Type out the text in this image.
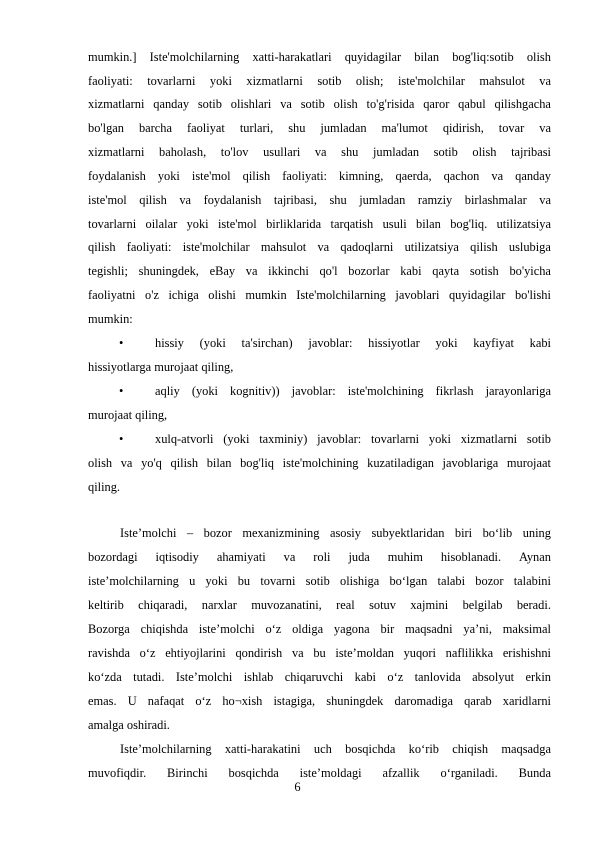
mumkin.] Iste'molchilarning xatti-harakatlari quyidagilar bilan bog'liq:sotib olish
faoliyati: tovarlarni yoki xizmatlarni sotib olish; iste'molchilar mahsulot va
xizmatlarni qanday sotib olishlari va sotib olish to'g'risida qaror qabul qilishgacha
bo'lgan barcha faoliyat turlari, shu jumladan ma'lumot qidirish, tovar va
xizmatlarni baholash, to'lov usullari va shu jumladan sotib olish tajribasi
foydalanish yoki iste'mol qilish faoliyati: kimning, qaerda, qachon va qanday
iste'mol qilish va foydalanish tajribasi, shu jumladan ramziy birlashmalar va
tovarlarni oilalar yoki iste'mol birliklarida tarqatish usuli bilan bog'liq. utilizatsiya
qilish faoliyati: iste'molchilar mahsulot va qadoqlarni utilizatsiya qilish uslubiga
tegishli; shuningdek, eBay va ikkinchi qo'l bozorlar kabi qayta sotish bo'yicha
faoliyatni o'z ichiga olishi mumkin Iste'molchilarning javoblari quyidagilar bo'lishi
mumkin:
•	hissiy (yoki ta'sirchan) javoblar: hissiyotlar yoki kayfiyat kabi
hissiyotlarga murojaat qiling,
•	aqliy (yoki kognitiv)) javoblar: iste'molchining fikrlash jarayonlariga
murojaat qiling,
•	xulq-atvorli (yoki taxminiy) javoblar: tovarlarni yoki xizmatlarni sotib
olish va yo'q qilish bilan bog'liq iste'molchining kuzatiladigan javoblariga murojaat
qiling.
Iste’molchi – bozor mexanizmining asosiy subyektlaridan biri bo‘lib uning
bozordagi iqtisodiy ahamiyati va roli juda muhim hisoblanadi. Aynan
iste’molchilarning u yoki bu tovarni sotib olishiga bo‘lgan talabi bozor talabini
keltirib chiqaradi, narxlar muvozanatini, real sotuv xajmini belgilab beradi.
Bozorga chiqishda iste’molchi o‘z oldiga yagona bir maqsadni ya’ni, maksimal
ravishda o‘z ehtiyojlarini qondirish va bu iste’moldan yuqori naflilikka erishishni
ko‘zda tutadi. Iste’molchi ishlab chiqaruvchi kabi o‘z tanlovida absolyut erkin
emas. U nafaqat o‘z ho¬xish istagiga, shuningdek daromadiga qarab xaridlarni
amalga oshiradi.
Iste’molchilarning xatti-harakatini uch bosqichda ko‘rib chiqish maqsadga
muvofiqdir. Birinchi bosqichda iste’moldagi afzallik o‘rganiladi. Bunda
6
